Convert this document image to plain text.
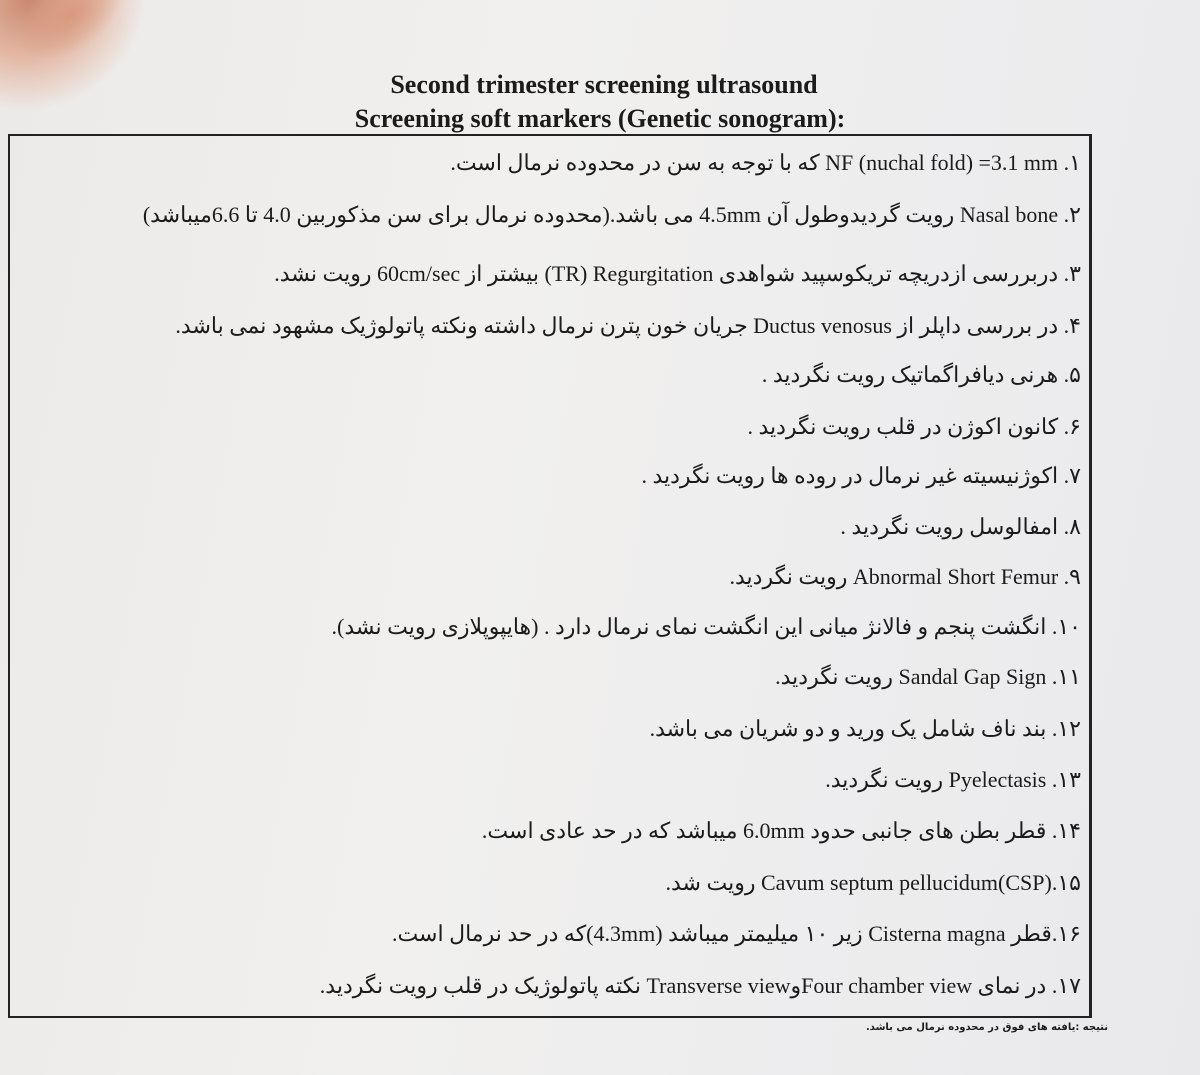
Second trimester screening ultrasound
Screening soft markers (Genetic sonogram):
۱. ‪NF (nuchal fold) =3.1 mm‬ که با توجه به سن در محدوده نرمال است.
۲. ‪Nasal bone‬ رویت گردیدوطول آن ‪4.5mm‬ می باشد.(محدوده نرمال برای سن مذکوربین ‪4.0‬ تا ‪6.6‬میباشد)
۳. دربررسی ازدریچه تریکوسپید شواهدی ‪(TR) Regurgitation‬ بیشتر از ‪60cm/sec‬ رویت نشد.
۴. در بررسی داپلر از ‪Ductus venosus‬ جریان خون پترن نرمال داشته ونکته پاتولوژیک مشهود نمی باشد.
۵. هرنی دیافراگماتیک رویت نگردید .
۶. کانون اکوژن در قلب رویت نگردید .
۷. اکوژنیسیته غیر نرمال در روده ها رویت نگردید .
۸. امفالوسل رویت نگردید .
۹. ‪Abnormal Short Femur‬ رویت نگردید.
۱۰. انگشت پنجم و فالانژ میانی این انگشت نمای نرمال دارد . (هایپوپلازی رویت نشد).
۱۱. ‪Sandal Gap Sign‬ رویت نگردید.
۱۲. بند ناف شامل یک ورید و دو شریان می باشد.
۱۳. ‪Pyelectasis‬ رویت نگردید.
۱۴. قطر بطن های جانبی حدود ‪6.0mm‬ میباشد که در حد عادی است.
۱۵.‪Cavum septum pellucidum(CSP)‬ رویت شد.
۱۶.قطر ‪Cisterna magna‬ زیر ۱۰ میلیمتر میباشد ‪(4.3mm)‬که در حد نرمال است.
۱۷. در نمای ‪Four chamber view‬و‪Transverse view‬ نکته پاتولوژیک در قلب رویت نگردید.
نتیجه :یافته های فوق در محدوده نرمال می باشد.
